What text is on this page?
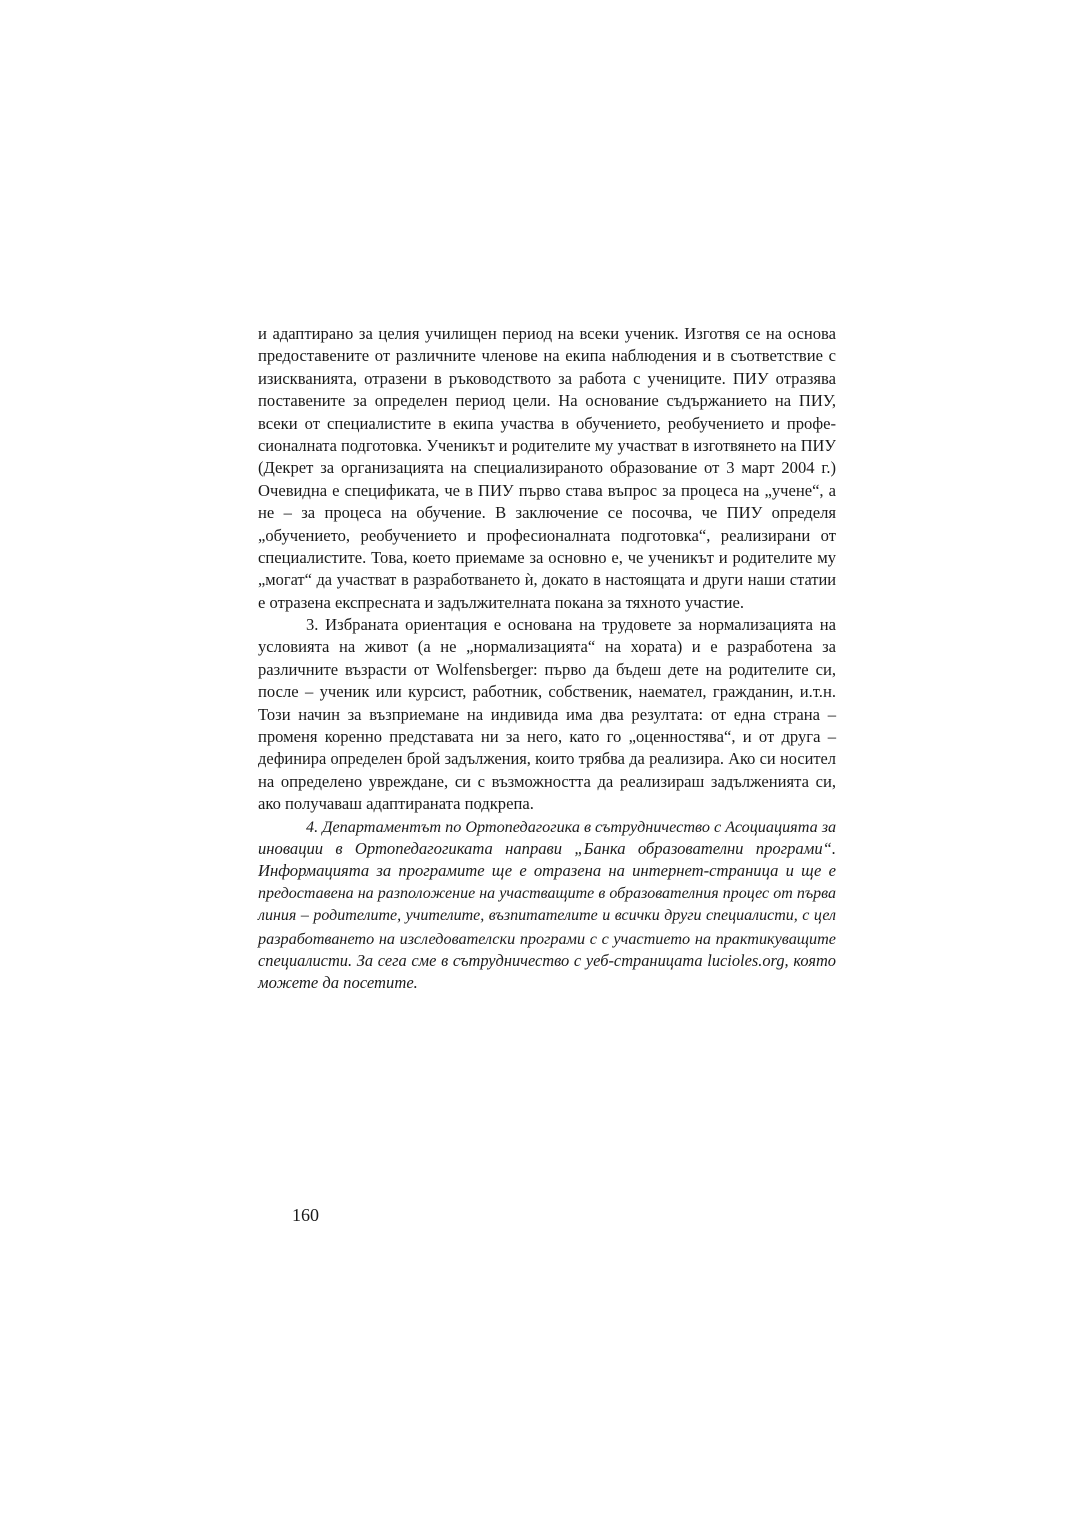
и адаптирано за целия училищен период на всеки ученик. Изготвя се на основа
предоставените от различните членове на екипа наблюдения и в съответствие с
изискванията, отразени в ръководството за работа с учениците. ПИУ отразява
поставените за определен период цели. На основание съдържанието на ПИУ,
всеки от специалистите в екипа участва в обучението, реобучението и профе-
сионалната подготовка. Ученикът и родителите му участват в изготвянето на ПИУ
(Декрет за организацията на специализираното образование от 3 март 2004 г.)
Очевидна е спецификата, че в ПИУ първо става въпрос за процеса на „учене“, а
не – за процеса на обучение. В заключение се посочва, че ПИУ определя
„обучението, реобучението и професионалната подготовка“, реализирани от
специалистите. Това, което приемаме за основно е, че ученикът и родителите му
„могат“ да участват в разработването ѝ, докато в настоящата и други наши статии
е отразена експресната и задължителната покана за тяхното участие.
3. Избраната ориентация е основана на трудовете за нормализацията на
условията на живот (а не „нормализацията“ на хората) и е разработена за
различните възрасти от Wolfensberger: първо да бъдеш дете на родителите си,
после – ученик или курсист, работник, собственик, наемател, гражданин, и.т.н.
Този начин за възприемане на индивида има два резултата: от една страна –
променя коренно представата ни за него, като го „оценностява“, и от друга –
дефинира определен брой задължения, които трябва да реализира. Ако си носител
на определено увреждане, си с възможността да реализираш задълженията си,
ако получаваш адаптираната подкрепа.
4. Департаментът по Ортопедагогика в сътрудничество с Асоциацията за
иновации в Ортопедагогиката направи „Банка образователни програми“.
Информацията за програмите ще е отразена на интернет-страница и ще е
предоставена на разположение на участващите в образователния процес от първа
линия – родителите, учителите, възпитателите и всички други специалисти, с цел
разработването на изследователски програми с с участието на практикуващите
специалисти. За сега сме в сътрудничество с уеб-страницата lucioles.org, която
можете да посетите.
160
